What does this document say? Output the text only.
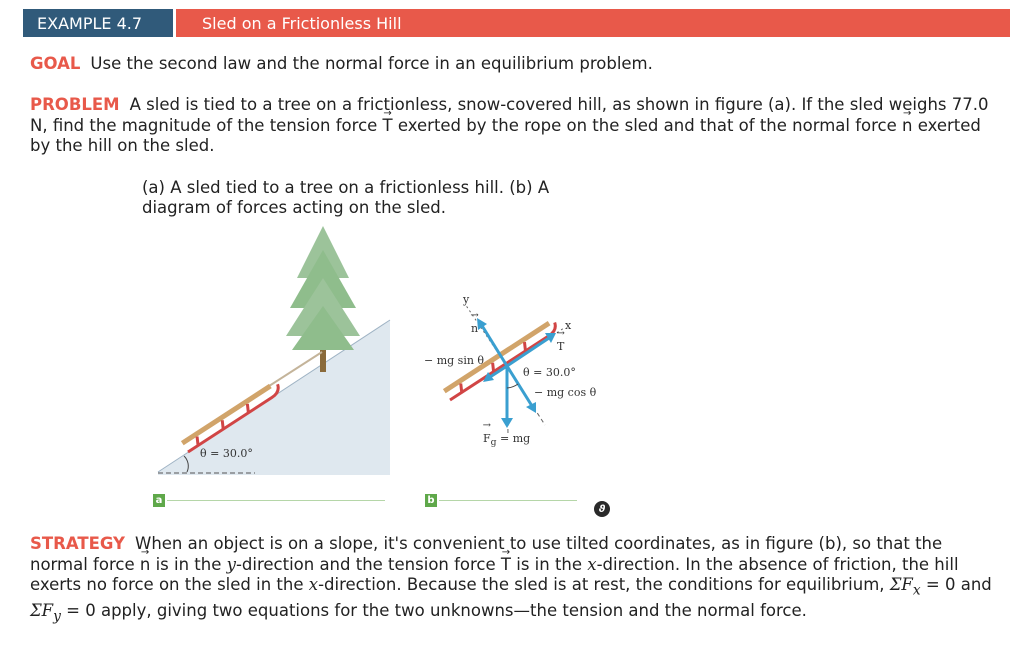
EXAMPLE 4.7	Sled on a Frictionless Hill
GOAL Use the second law and the normal force in an equilibrium problem.
PROBLEM A sled is tied to a tree on a frictionless, snow-covered hill, as shown in figure (a). If the sled weighs 77.0 N, find the magnitude of the tension force → T exerted by the rope on the sled and that of the normal force → n exerted by the hill on the sled.
(a) A sled tied to a tree on a frictionless hill. (b) A diagram of forces acting on the sled.
θ = 30.0°
y
x
→ n
→ T
− mg sin θ
θ = 30.0°
− mg cos θ
→ $F_g$ = mg
a	b
ϑ
STRATEGY When an object is on a slope, it's convenient to use tilted coordinates, as in figure (b), so that the normal force → n is in the y-direction and the tension force → T is in the x-direction. In the absence of friction, the hill exerts no force on the sled in the x-direction. Because the sled is at rest, the conditions for equilibrium, $\Sigma F_x = 0$ and $\Sigma F_y = 0$ apply, giving two equations for the two unknowns—the tension and the normal force.
